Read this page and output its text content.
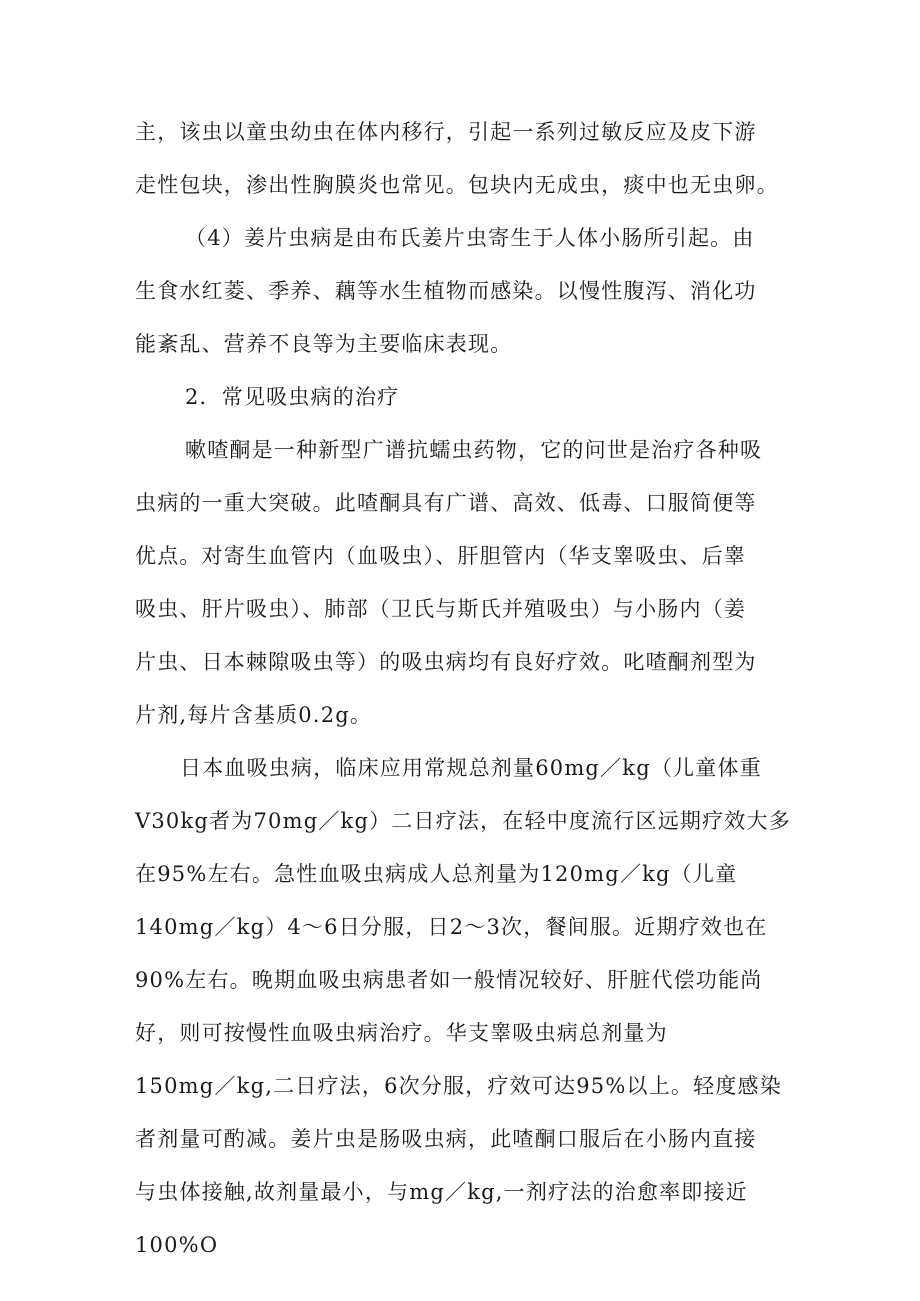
主，该虫以童虫幼虫在体内移行，引起一系列过敏反应及皮下游
走性包块，渗出性胸膜炎也常见。包块内无成虫，痰中也无虫卵。
（4）姜片虫病是由布氏姜片虫寄生于人体小肠所引起。由
生食水红菱、季养、藕等水生植物而感染。以慢性腹泻、消化功
能紊乱、营养不良等为主要临床表现。
2．常见吸虫病的治疗
嗽喳酮是一种新型广谱抗蠕虫药物，它的问世是治疗各种吸
虫病的一重大突破。此喳酮具有广谱、高效、低毒、口服简便等
优点。对寄生血管内（血吸虫）、肝胆管内（华支睾吸虫、后睾
吸虫、肝片吸虫）、肺部（卫氏与斯氏并殖吸虫）与小肠内（姜
片虫、日本棘隙吸虫等）的吸虫病均有良好疗效。叱喳酮剂型为
片剂,每片含基质0.2g。
日本血吸虫病，临床应用常规总剂量60mg／kg（儿童体重
V30kg者为70mg／kg）二日疗法，在轻中度流行区远期疗效大多
在95%左右。急性血吸虫病成人总剂量为120mg／kg（儿童
140mg／kg）4～6日分服，日2～3次，餐间服。近期疗效也在
90%左右。晚期血吸虫病患者如一般情况较好、肝脏代偿功能尚
好，则可按慢性血吸虫病治疗。华支睾吸虫病总剂量为
150mg／kg,二日疗法，6次分服，疗效可达95%以上。轻度感染
者剂量可酌减。姜片虫是肠吸虫病，此喳酮口服后在小肠内直接
与虫体接触,故剂量最小，与mg／kg,一剂疗法的治愈率即接近
100%O
